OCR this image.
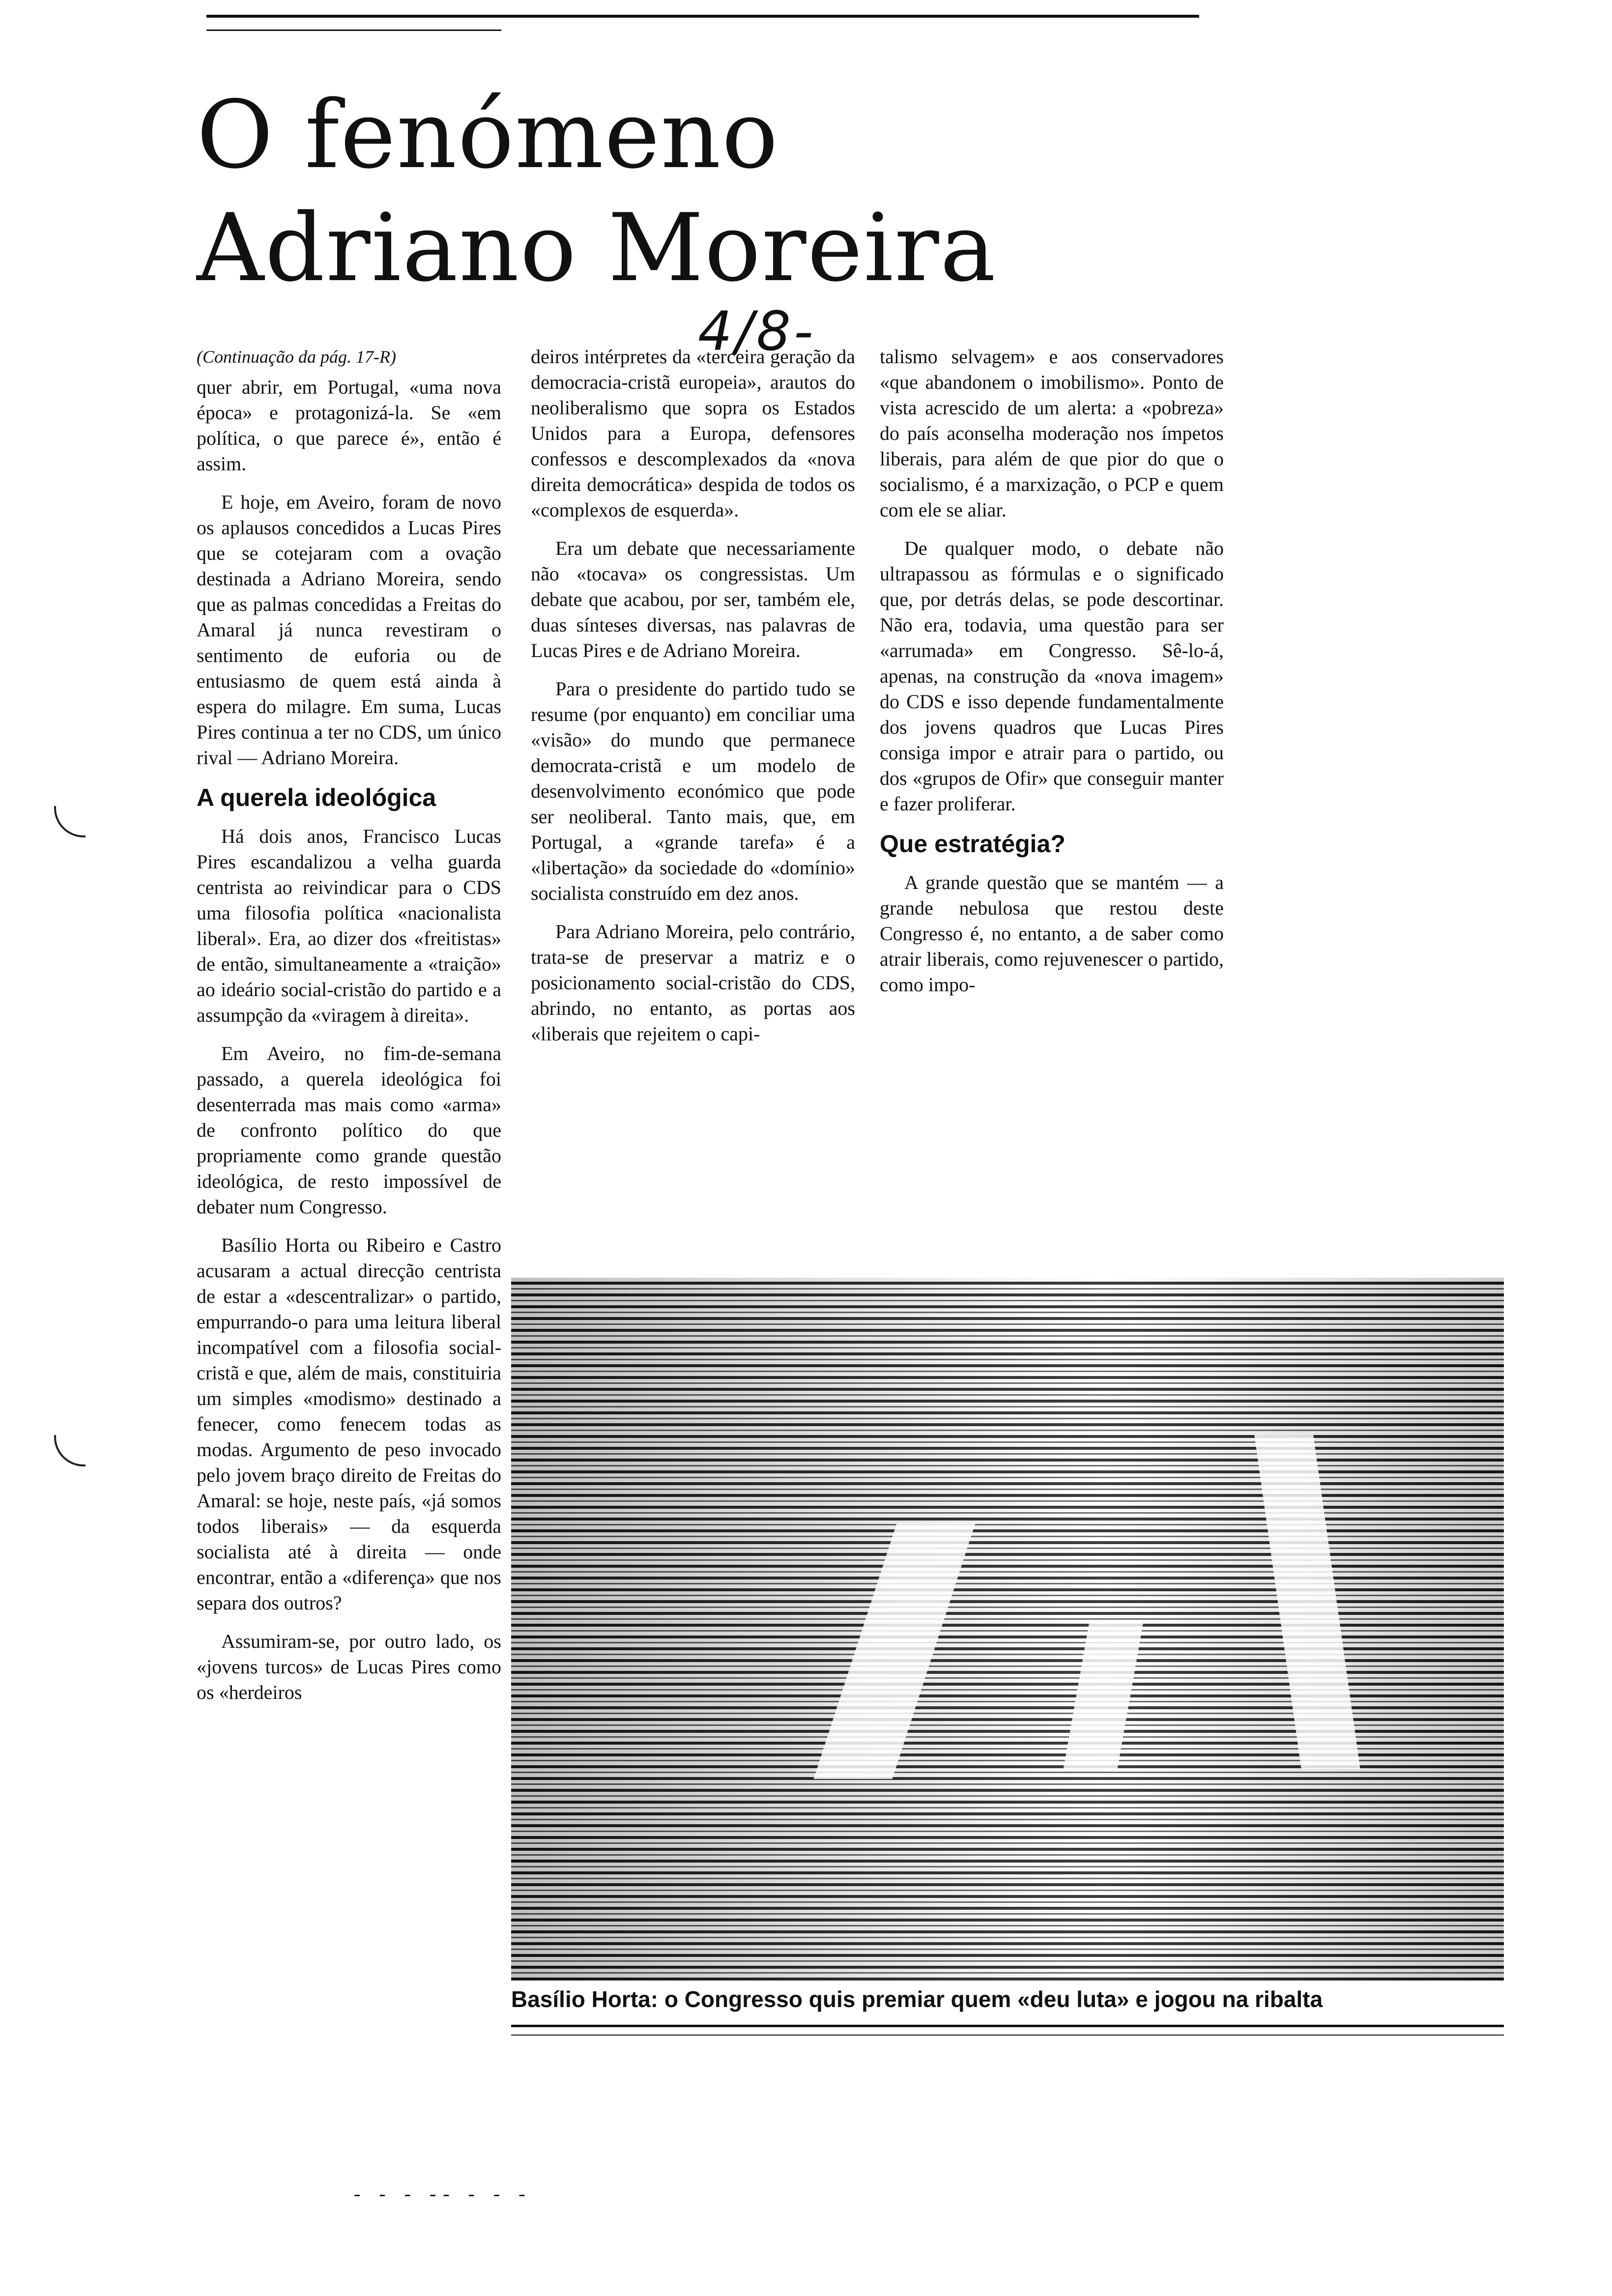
O fenómeno
Adriano Moreira
4/8-
(Continuação da pág. 17-R)

quer abrir, em Portugal, «uma nova época» e protagonizá-la. Se «em política, o que parece é», então é assim.

E hoje, em Aveiro, foram de novo os aplausos concedidos a Lucas Pires que se cotejaram com a ovação destinada a Adriano Moreira, sendo que as palmas concedidas a Freitas do Amaral já nunca revestiram o sentimento de euforia ou de entusiasmo de quem está ainda à espera do milagre. Em suma, Lucas Pires continua a ter no CDS, um único rival — Adriano Moreira.

A querela ideológica

Há dois anos, Francisco Lucas Pires escandalizou a velha guarda centrista ao reivindicar para o CDS uma filosofia política «nacionalista liberal». Era, ao dizer dos «freitistas» de então, simultaneamente a «traição» ao ideário social-cristão do partido e a assumpção da «viragem à direita».

Em Aveiro, no fim-de-semana passado, a querela ideológica foi desenterrada mas mais como «arma» de confronto político do que propriamente como grande questão ideológica, de resto impossível de debater num Congresso.

Basílio Horta ou Ribeiro e Castro acusaram a actual direcção centrista de estar a «descentralizar» o partido, empurrando-o para uma leitura liberal incompatível com a filosofia social-cristã e que, além de mais, constituiria um simples «modismo» destinado a fenecer, como fenecem todas as modas. Argumento de peso invocado pelo jovem braço direito de Freitas do Amaral: se hoje, neste país, «já somos todos liberais» — da esquerda socialista até à direita — onde encontrar, então a «diferença» que nos separa dos outros?

Assumiram-se, por outro lado, os «jovens turcos» de Lucas Pires como os «herdeiros

deiros intérpretes da «terceira geração da democracia-cristã europeia», arautos do neoliberalismo que sopra os Estados Unidos para a Europa, defensores confessos e descomplexados da «nova direita democrática» despida de todos os «complexos de esquerda».

Era um debate que necessariamente não «tocava» os congressistas. Um debate que acabou, por ser, também ele, duas sínteses diversas, nas palavras de Lucas Pires e de Adriano Moreira.

Para o presidente do partido tudo se resume (por enquanto) em conciliar uma «visão» do mundo que permanece democrata-cristã e um modelo de desenvolvimento económico que pode ser neoliberal. Tanto mais, que, em Portugal, a «grande tarefa» é a «libertação» da sociedade do «domínio» socialista construído em dez anos.

Para Adriano Moreira, pelo contrário, trata-se de preservar a matriz e o posicionamento social-cristão do CDS, abrindo, no entanto, as portas aos «liberais que rejeitem o capi-

talismo selvagem» e aos conservadores «que abandonem o imobilismo». Ponto de vista acrescido de um alerta: a «pobreza» do país aconselha moderação nos ímpetos liberais, para além de que pior do que o socialismo, é a marxização, o PCP e quem com ele se aliar.

De qualquer modo, o debate não ultrapassou as fórmulas e o significado que, por detrás delas, se pode descortinar. Não era, todavia, uma questão para ser «arrumada» em Congresso. Sê-lo-á, apenas, na construção da «nova imagem» do CDS e isso depende fundamentalmente dos jovens quadros que Lucas Pires consiga impor e atrair para o partido, ou dos «grupos de Ofir» que conseguir manter e fazer proliferar.

Que estratégia?

A grande questão que se mantém — a grande nebulosa que restou deste Congresso é, no entanto, a de saber como atrair liberais, como rejuvenescer o partido, como impo-

Basílio Horta: o Congresso quis premiar quem «deu luta» e jogou na ribalta
- - - -- - - -
